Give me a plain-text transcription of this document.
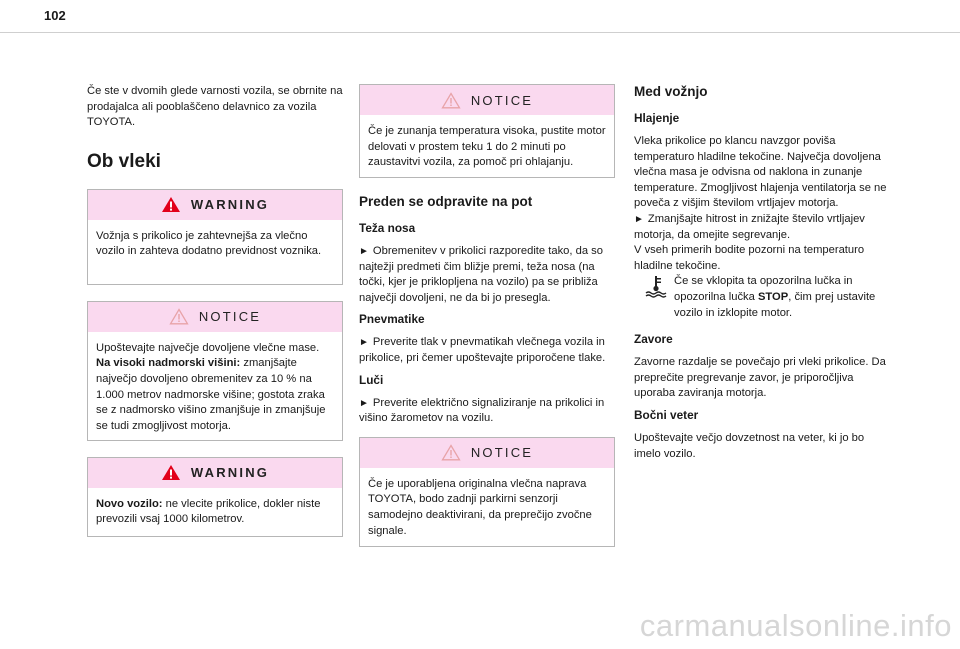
102

Če ste v dvomih glede varnosti vozila, se obrnite na prodajalca ali pooblaščeno delavnico za vozila TOYOTA.

Ob vleki
WARNING

Vožnja s prikolico je zahtevnejša za vlečno vozilo in zahteva dodatno previdnost voznika.

NOTICE

Upoštevajte največje dovoljene vlečne mase.
Na visoki nadmorski višini: zmanjšajte največjo dovoljeno obremenitev za 10 % na 1.000 metrov nadmorske višine; gostota zraka se z nadmorsko višino zmanjšuje in zmanjšuje se tudi zmogljivost motorja.

WARNING

Novo vozilo: ne vlecite prikolice, dokler niste prevozili vsaj 1000 kilometrov.

NOTICE

Če je zunanja temperatura visoka, pustite motor delovati v prostem teku 1 do 2 minuti po zaustavitvi vozila, za pomoč pri ohlajanju.

Preden se odpravite na pot
Teža nosa

► Obremenitev v prikolici razporedite tako, da so najtežji predmeti čim bližje premi, teža nosa (na točki, kjer je priklopljena na vozilo) pa se približa največji dovoljeni, ne da bi jo presegla.

Pnevmatike

► Preverite tlak v pnevmatikah vlečnega vozila in prikolice, pri čemer upoštevajte priporočene tlake.

Luči

► Preverite električno signaliziranje na prikolici in višino žarometov na vozilu.

NOTICE

Če je uporabljena originalna vlečna naprava TOYOTA, bodo zadnji parkirni senzorji samodejno deaktivirani, da preprečijo zvočne signale.

Med vožnjo
Hlajenje

Vleka prikolice po klancu navzgor poviša temperaturo hladilne tekočine. Največja dovoljena vlečna masa je odvisna od naklona in zunanje temperature. Zmogljivost hlajenja ventilatorja se ne poveča z višjim številom vrtljajev motorja.

► Zmanjšajte hitrost in znižajte število vrtljajev motorja, da omejite segrevanje.

V vseh primerih bodite pozorni na temperaturo hladilne tekočine.

Če se vklopita ta opozorilna lučka in opozorilna lučka STOP, čim prej ustavite vozilo in izklopite motor.
Zavore

Zavorne razdalje se povečajo pri vleki prikolice. Da preprečite pregrevanje zavor, je priporočljiva uporaba zaviranja motorja.

Bočni veter

Upoštevajte večjo dovzetnost na veter, ki jo bo imelo vozilo.

carmanualsonline.info
